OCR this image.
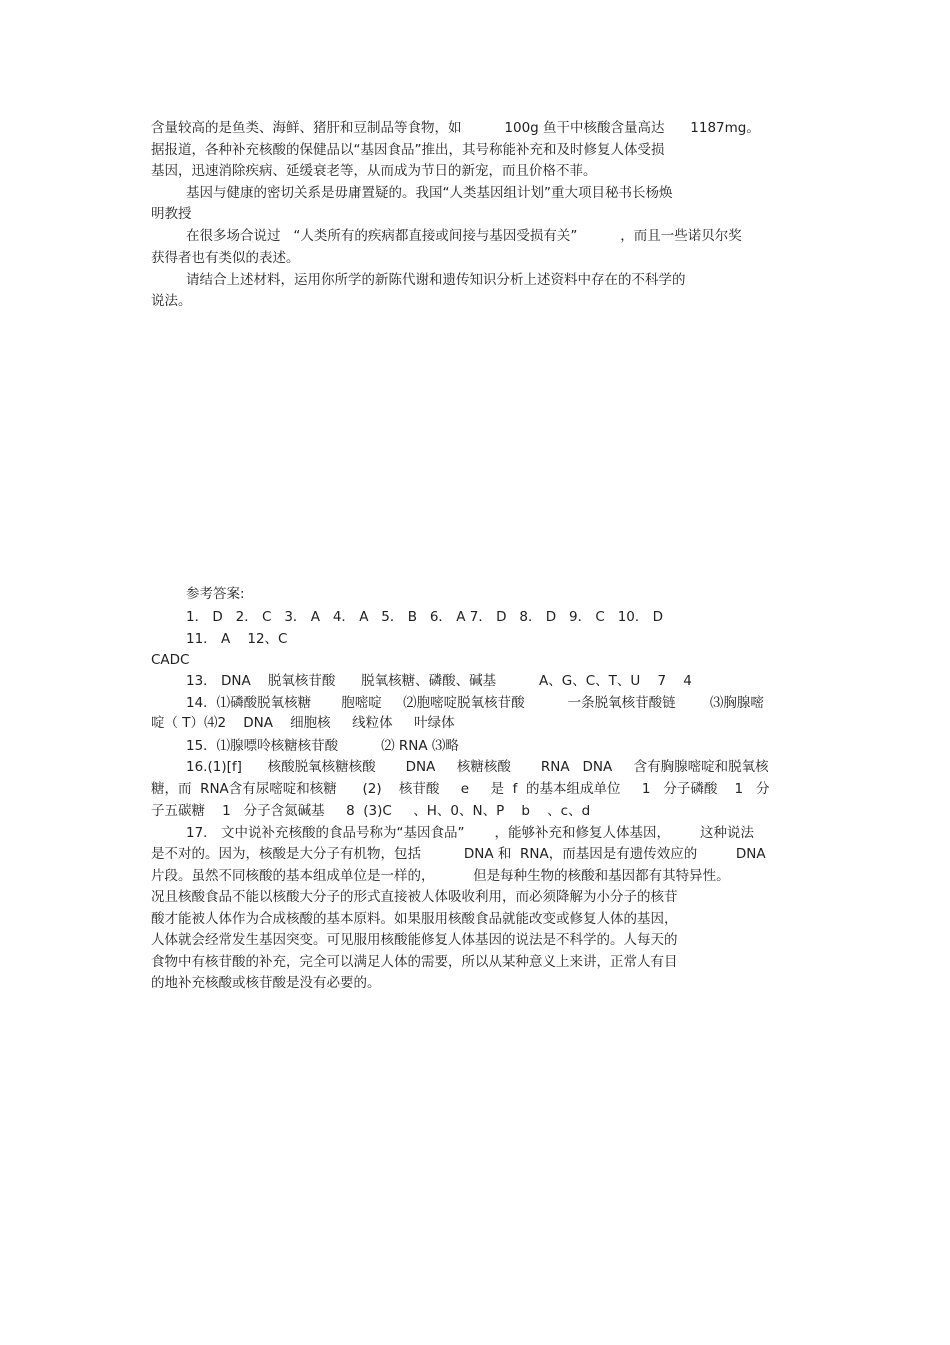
含量较高的是鱼类、海鲜、猪肝和豆制品等食物，如          100g 鱼干中核酸含量高达      1187mg。
据报道，各种补充核酸的保健品以“基因食品”推出，其号称能补充和及时修复人体受损
基因，迅速消除疾病、延缓衰老等，从而成为节日的新宠，而且价格不菲。
基因与健康的密切关系是毋庸置疑的。我国“人类基因组计划”重大项目秘书长杨焕
明教授
在很多场合说过   “人类所有的疾病都直接或间接与基因受损有关”          ，而且一些诺贝尔奖
获得者也有类似的表述。
请结合上述材料，运用你所学的新陈代谢和遗传知识分析上述资料中存在的不科学的
说法。
参考答案:
1． D   2． C   3． A   4． A   5． B   6． A 7． D   8． D   9． C   10． D
11． A    12、C
CADC
13． DNA    脱氧核苷酸      脱氧核糖、磷酸、碱基          A、G、C、T、U    7    4
14．⑴磷酸脱氧核糖       胞嘧啶     ⑵胞嘧啶脱氧核苷酸          一条脱氧核苷酸链        ⑶胸腺嘧
啶（ T）⑷2    DNA    细胞核     线粒体     叶绿体
15．⑴腺嘌呤核糖核苷酸          ⑵ RNA ⑶略
16.(1)[f]      核酸脱氧核糖核酸       DNA     核糖核酸       RNA   DNA     含有胸腺嘧啶和脱氧核
糖，而  RNA含有尿嘧啶和核糖      (2)    核苷酸     e     是  f  的基本组成单位     1   分子磷酸    1   分
子五碳糖    1   分子含氮碱基     8  (3)C     、H、0、N、P    b    、c、d
17． 文中说补充核酸的食品号称为“基因食品”       ，能够补充和修复人体基因，       这种说法
是不对的。因为，核酸是大分子有机物，包括          DNA 和  RNA，而基因是有遗传效应的         DNA
片段。虽然不同核酸的基本组成单位是一样的，         但是每种生物的核酸和基因都有其特异性。
况且核酸食品不能以核酸大分子的形式直接被人体吸收利用，而必须降解为小分子的核苷
酸才能被人体作为合成核酸的基本原料。如果服用核酸食品就能改变或修复人体的基因，
人体就会经常发生基因突变。可见服用核酸能修复人体基因的说法是不科学的。人每天的
食物中有核苷酸的补充，完全可以满足人体的需要，所以从某种意义上来讲，正常人有目
的地补充核酸或核苷酸是没有必要的。
